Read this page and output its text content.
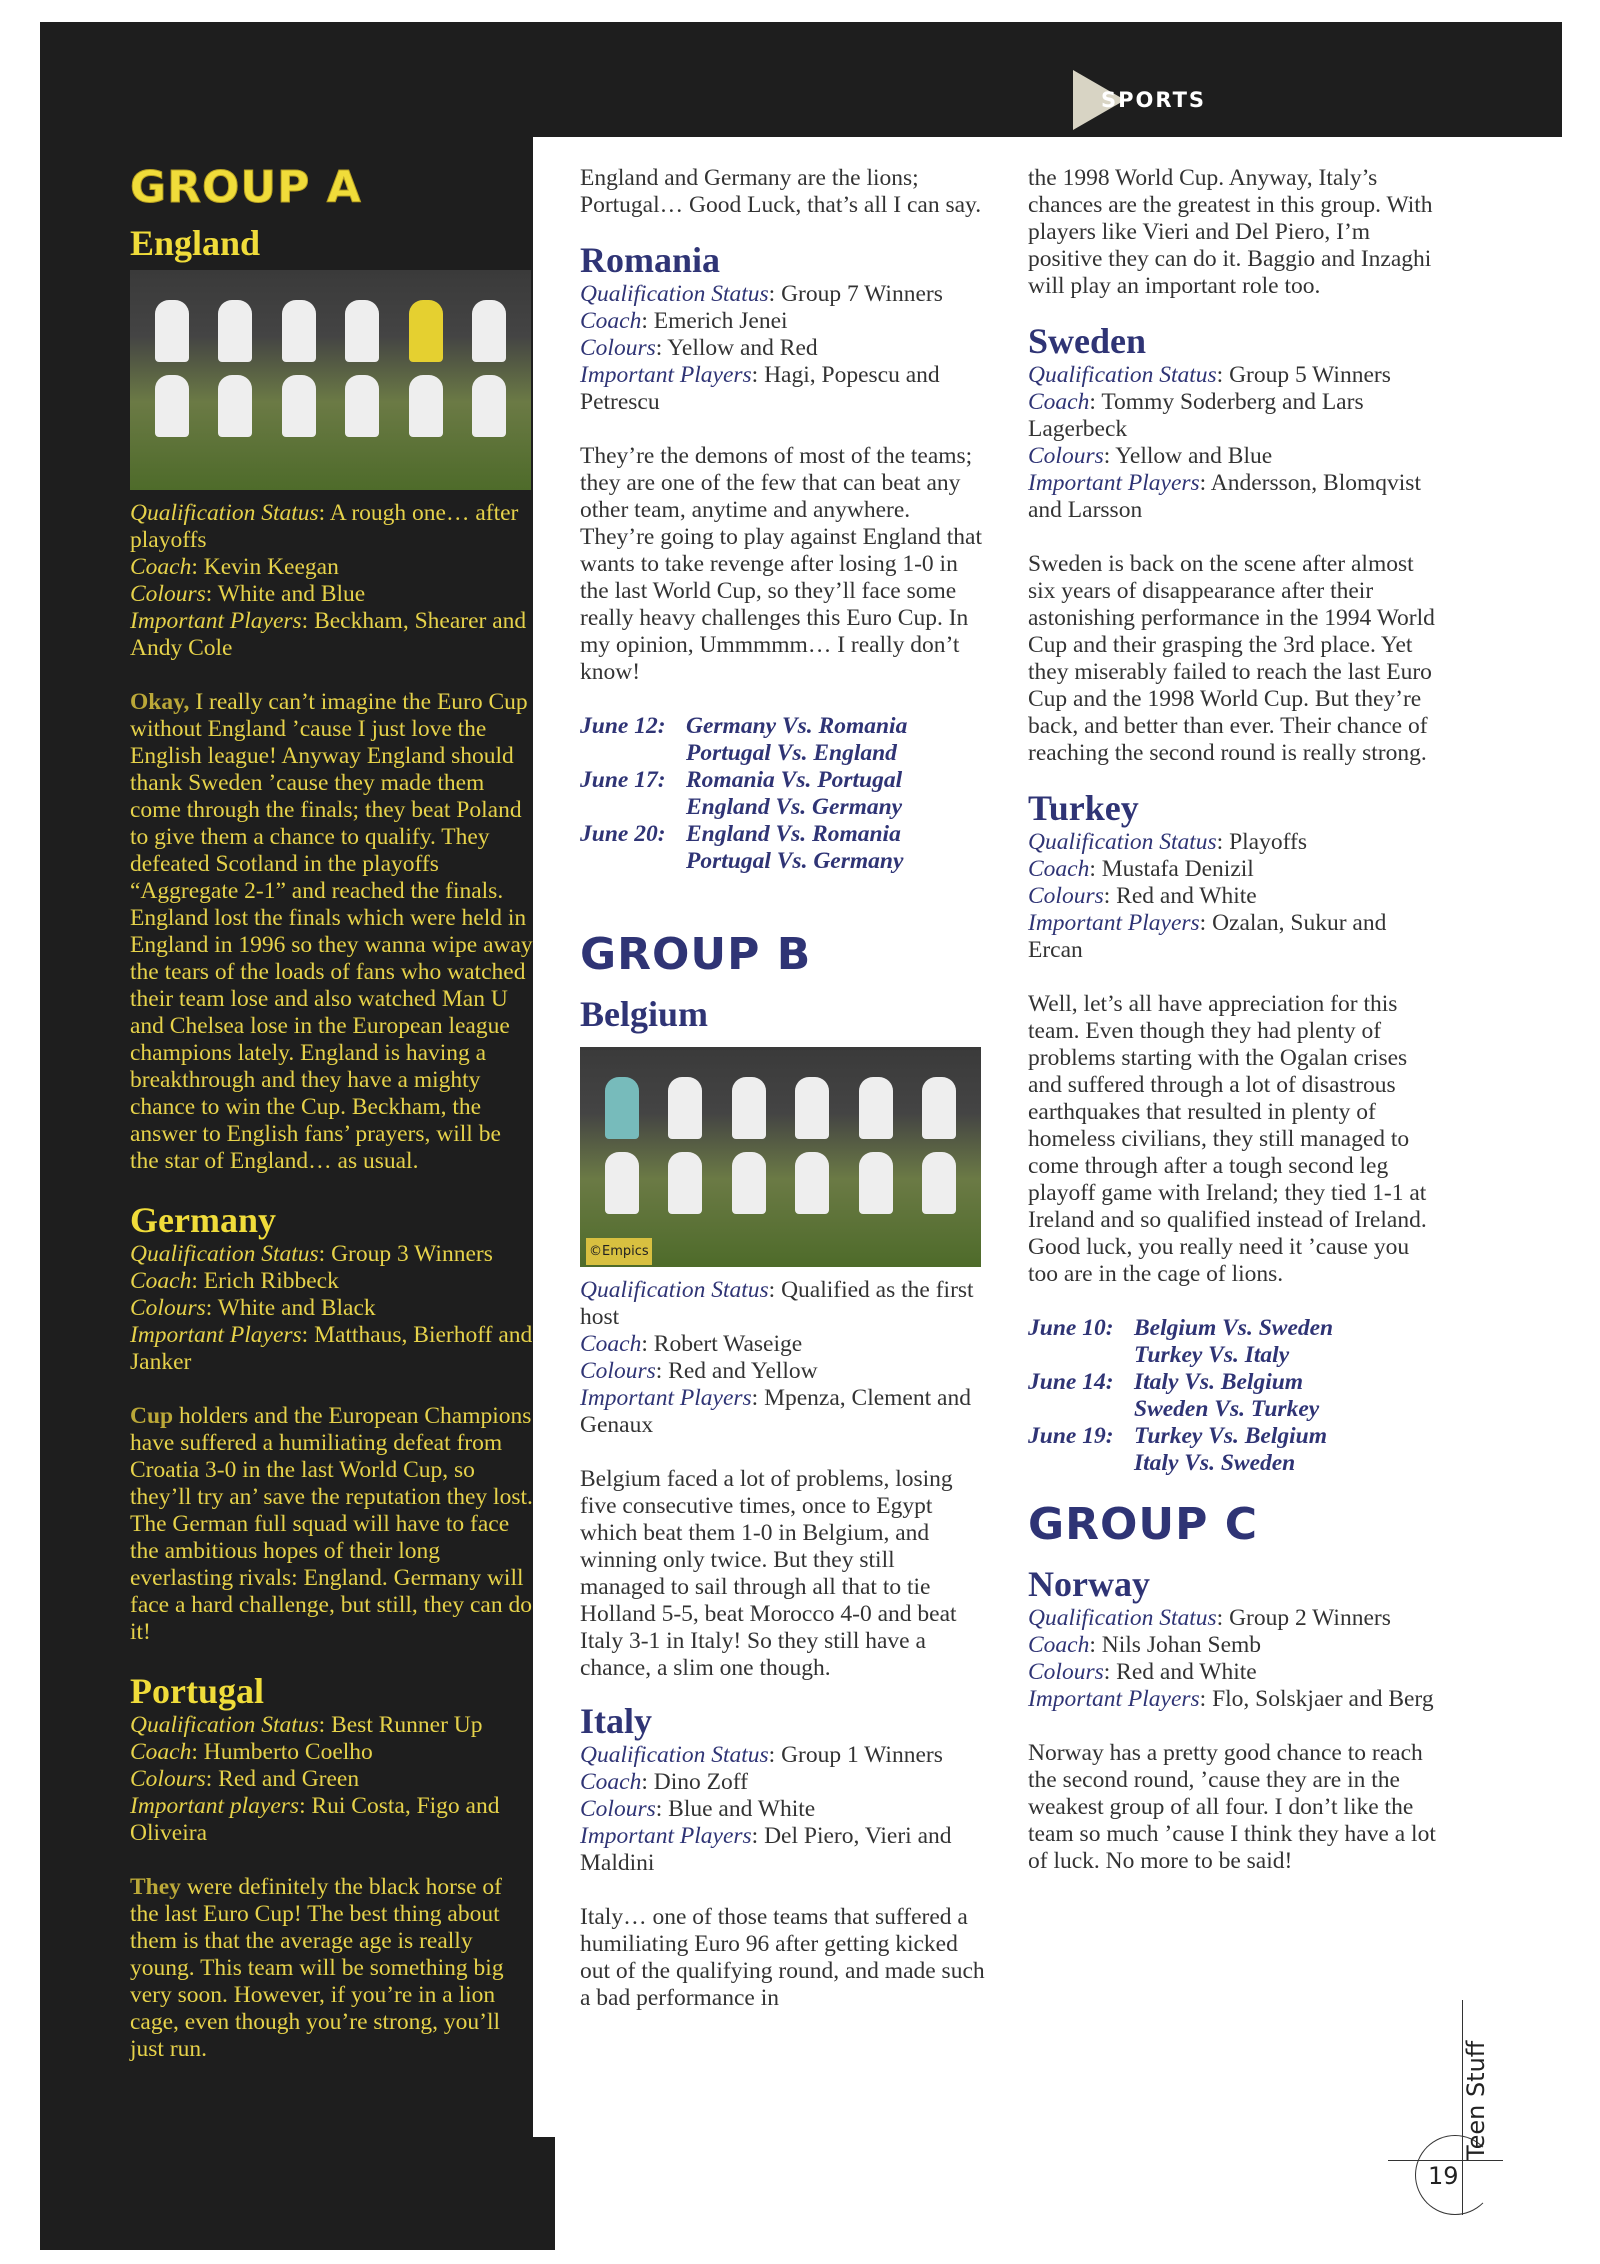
SPORTS
GROUP A
England
Qualification Status: A rough one… after playoffs
Coach: Kevin Keegan
Colours: White and Blue
Important Players: Beckham, Shearer and Andy Cole

Okay, I really can’t imagine the Euro Cup without England ’cause I just love the English league! Anyway England should thank Sweden ’cause they made them come through the finals; they beat Poland to give them a chance to qualify. They defeated Scotland in the playoffs “Aggregate 2-1” and reached the finals. England lost the finals which were held in England in 1996 so they wanna wipe away the tears of the loads of fans who watched their team lose and also watched Man U and Chelsea lose in the European league champions lately. England is having a breakthrough and they have a mighty chance to win the Cup. Beckham, the answer to English fans’ prayers, will be the star of England… as usual.

Germany
Qualification Status: Group 3 Winners
Coach: Erich Ribbeck
Colours: White and Black
Important Players: Matthaus, Bierhoff and Janker

Cup holders and the European Champions have suffered a humiliating defeat from Croatia 3-0 in the last World Cup, so they’ll try an’ save the reputation they lost. The German full squad will have to face the ambitious hopes of their long everlasting rivals: England. Germany will face a hard challenge, but still, they can do it!

Portugal
Qualification Status: Best Runner Up
Coach: Humberto Coelho
Colours: Red and Green
Important players: Rui Costa, Figo and Oliveira

They were definitely the black horse of the last Euro Cup! The best thing about them is that the average age is really young. This team will be something big very soon. However, if you’re in a lion cage, even though you’re strong, you’ll just run.

England and Germany are the lions; Portugal… Good Luck, that’s all I can say.

Romania
Qualification Status: Group 7 Winners
Coach: Emerich Jenei
Colours: Yellow and Red
Important Players: Hagi, Popescu and Petrescu

They’re the demons of most of the teams; they are one of the few that can beat any other team, anytime and anywhere. They’re going to play against England that wants to take revenge after losing 1-0 in the last World Cup, so they’ll face some really heavy challenges this Euro Cup. In my opinion, Ummmmm… I really don’t know!

June 12: Germany Vs. Romania
Portugal Vs. England
June 17: Romania Vs. Portugal
England Vs. Germany
June 20: England Vs. Romania
Portugal Vs. Germany
GROUP B
Belgium
©Empics
Qualification Status: Qualified as the first host
Coach: Robert Waseige
Colours: Red and Yellow
Important Players: Mpenza, Clement and Genaux

Belgium faced a lot of problems, losing five consecutive times, once to Egypt which beat them 1-0 in Belgium, and winning only twice. But they still managed to sail through all that to tie Holland 5-5, beat Morocco 4-0 and beat Italy 3-1 in Italy! So they still have a chance, a slim one though.

Italy
Qualification Status: Group 1 Winners
Coach: Dino Zoff
Colours: Blue and White
Important Players: Del Piero, Vieri and Maldini

Italy… one of those teams that suffered a humiliating Euro 96 after getting kicked out of the qualifying round, and made such a bad performance in

the 1998 World Cup. Anyway, Italy’s chances are the greatest in this group. With players like Vieri and Del Piero, I’m positive they can do it. Baggio and Inzaghi will play an important role too.

Sweden
Qualification Status: Group 5 Winners
Coach: Tommy Soderberg and Lars Lagerbeck
Colours: Yellow and Blue
Important Players: Andersson, Blomqvist and Larsson

Sweden is back on the scene after almost six years of disappearance after their astonishing performance in the 1994 World Cup and their grasping the 3rd place. Yet they miserably failed to reach the last Euro Cup and the 1998 World Cup. But they’re back, and better than ever. Their chance of reaching the second round is really strong.

Turkey
Qualification Status: Playoffs
Coach: Mustafa Denizil
Colours: Red and White
Important Players: Ozalan, Sukur and Ercan

Well, let’s all have appreciation for this team. Even though they had plenty of problems starting with the Ogalan crises and suffered through a lot of disastrous earthquakes that resulted in plenty of homeless civilians, they still managed to come through after a tough second leg playoff game with Ireland; they tied 1-1 at Ireland and so qualified instead of Ireland. Good luck, you really need it ’cause you too are in the cage of lions.

June 10: Belgium Vs. Sweden
Turkey Vs. Italy
June 14: Italy Vs. Belgium
Sweden Vs. Turkey
June 19: Turkey Vs. Belgium
Italy Vs. Sweden
GROUP C
Norway
Qualification Status: Group 2 Winners
Coach: Nils Johan Semb
Colours: Red and White
Important Players: Flo, Solskjaer and Berg

Norway has a pretty good chance to reach the second round, ’cause they are in the weakest group of all four. I don’t like the team so much ’cause I think they have a lot of luck. No more to be said!

Teen Stuff
19
